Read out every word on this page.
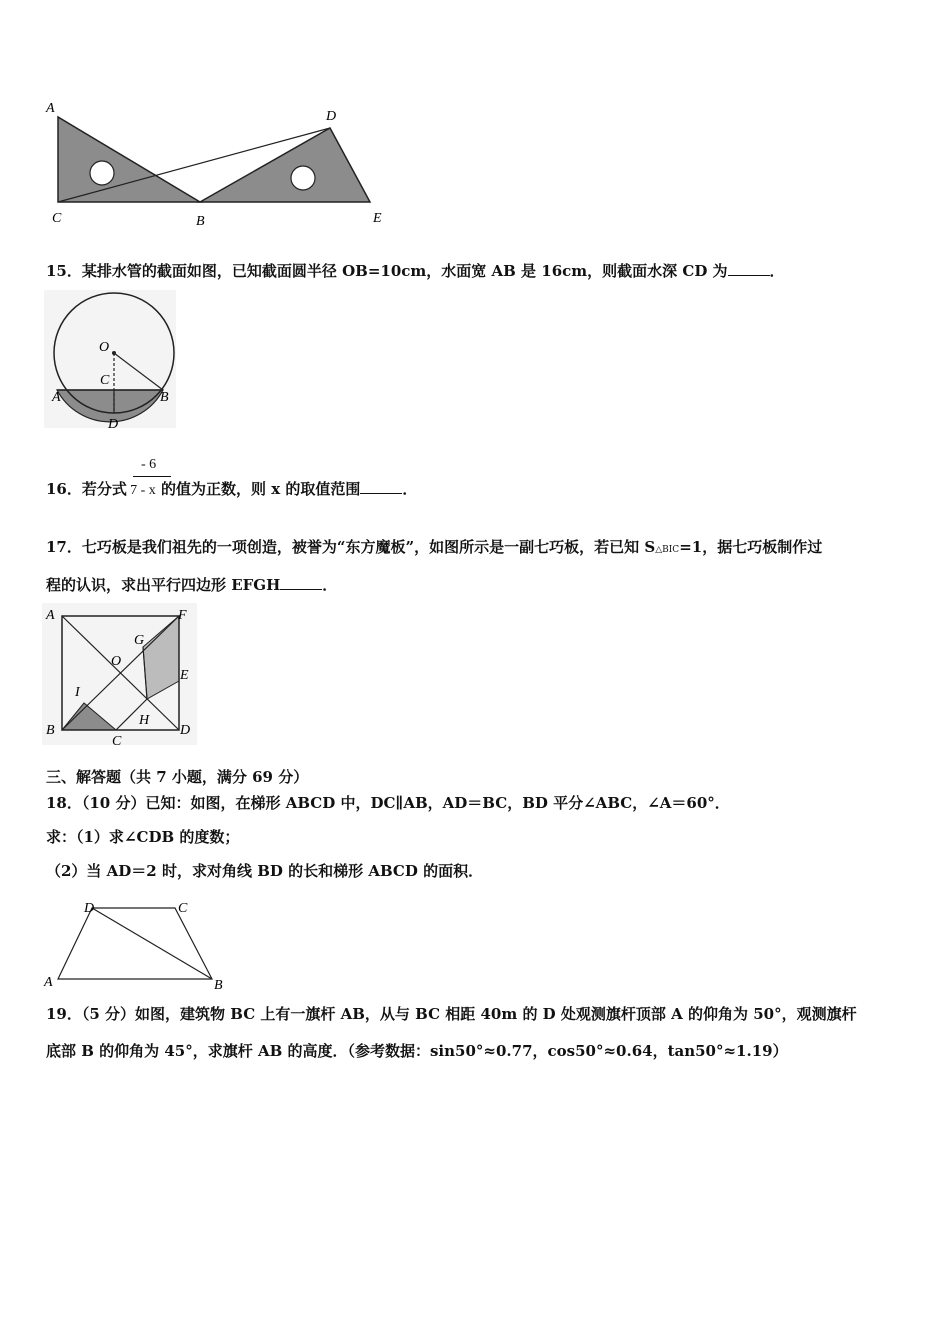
A
C	B
D
E
15．某排水管的截面如图，已知截面圆半径 OB=10cm，水面宽 AB 是 16cm，则截面水深 CD 为	．
O
C
A	B
D
- 6
16．若分式 7 - x 的值为正数，则 x 的取值范围	．
17．七巧板是我们祖先的一项创造，被誉为“东方魔板”，如图所示是一副七巧板，若已知 S△BIC=1，据七巧板制作过
程的认识，求出平行四边形 EFGH	．
A	F
G
O
E
I
H
B
C
D
三、解答题（共 7 小题，满分 69 分）
18．（10 分）已知：如图，在梯形 ABCD 中，DC∥AB，AD＝BC，BD 平分∠ABC，∠A＝60°．
求：（1）求∠CDB 的度数；
（2）当 AD＝2 时，求对角线 BD 的长和梯形 ABCD 的面积．
D	C
A	B
19．（5 分）如图，建筑物 BC 上有一旗杆 AB，从与 BC 相距 40m 的 D 处观测旗杆顶部 A 的仰角为 50°，观测旗杆
底部 B 的仰角为 45°，求旗杆 AB 的高度．（参考数据：sin50°≈0.77，cos50°≈0.64，tan50°≈1.19）
